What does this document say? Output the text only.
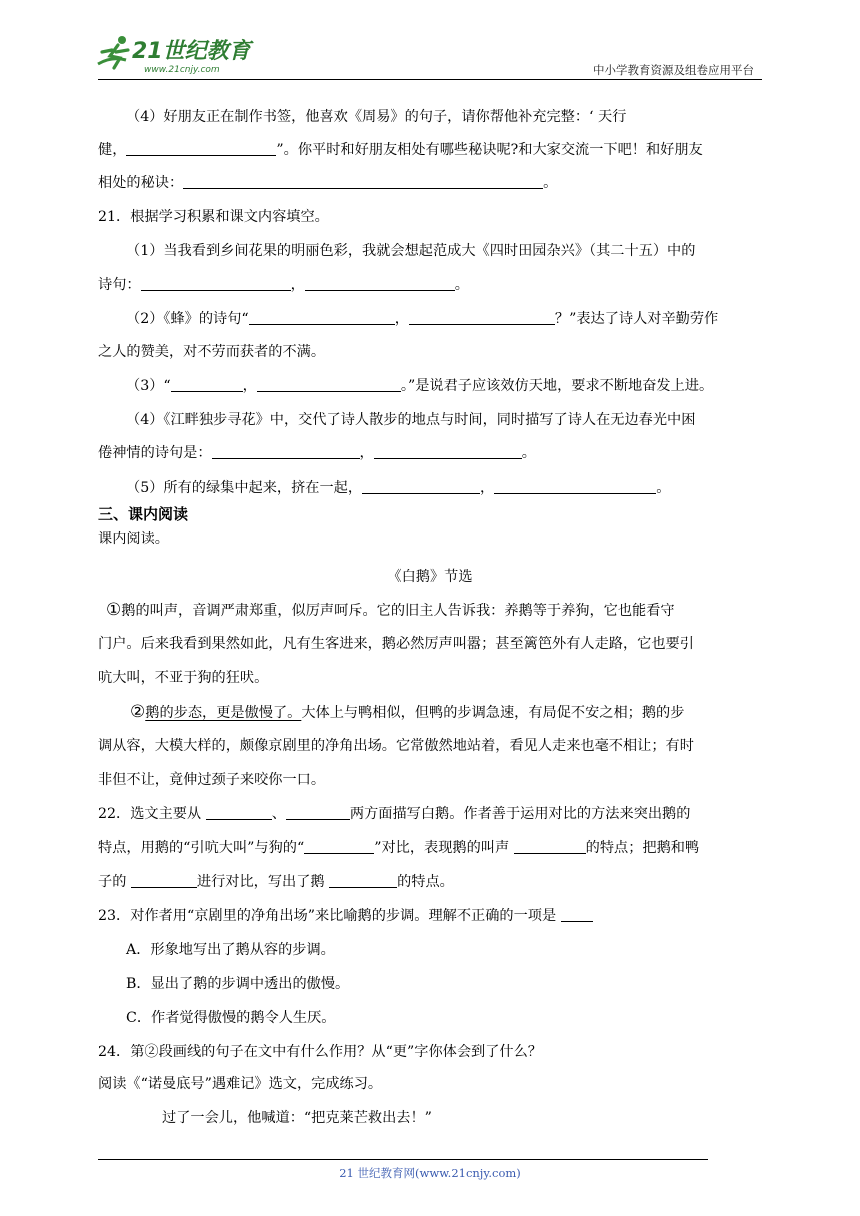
21世纪教育
www.21cnjy.com	中小学教育资源及组卷应用平台
（4）好朋友正在制作书签，他喜欢《周易》的句子，请你帮他补充完整：‘ 天行
健，	”。你平时和好朋友相处有哪些秘诀呢?和大家交流一下吧！和好朋友
相处的秘诀：	。
21．根据学习积累和课文内容填空。
（1）当我看到乡间花果的明丽色彩，我就会想起范成大《四时田园杂兴》（其二十五）中的
诗句：	，	。
（2）《蜂》的诗句“	，	？”表达了诗人对辛勤劳作
之人的赞美，对不劳而获者的不满。
（3）“	，	。”是说君子应该效仿天地，要求不断地奋发上进。
（4）《江畔独步寻花》中，交代了诗人散步的地点与时间，同时描写了诗人在无边春光中困
倦神情的诗句是：	，	。
（5）所有的绿集中起来，挤在一起，	，	。
三、课内阅读
课内阅读。
《白鹅》节选
①鹅的叫声，音调严肃郑重，似厉声呵斥。它的旧主人告诉我：养鹅等于养狗，它也能看守
门户。后来我看到果然如此，凡有生客进来，鹅必然厉声叫嚣；甚至篱笆外有人走路，它也要引
吭大叫，不亚于狗的狂吠。
②鹅的步态，更是傲慢了。大体上与鸭相似，但鸭的步调急速，有局促不安之相；鹅的步
调从容，大模大样的，颇像京剧里的净角出场。它常傲然地站着，看见人走来也毫不相让；有时
非但不让，竟伸过颈子来咬你一口。
22．选文主要从	、	两方面描写白鹅。作者善于运用对比的方法来突出鹅的
特点，用鹅的“引吭大叫”与狗的“	”对比，表现鹅的叫声	的特点；把鹅和鸭
子的	进行对比，写出了鹅	的特点。
23．对作者用“京剧里的净角出场”来比喻鹅的步调。理解不正确的一项是
A．形象地写出了鹅从容的步调。
B．显出了鹅的步调中透出的傲慢。
C．作者觉得傲慢的鹅令人生厌。
24．第②段画线的句子在文中有什么作用？从“更”字你体会到了什么？
阅读《“诺曼底号”遇难记》选文，完成练习。
过了一会儿，他喊道：“把克莱芒救出去！”
21 世纪教育网(www.21cnjy.com)
